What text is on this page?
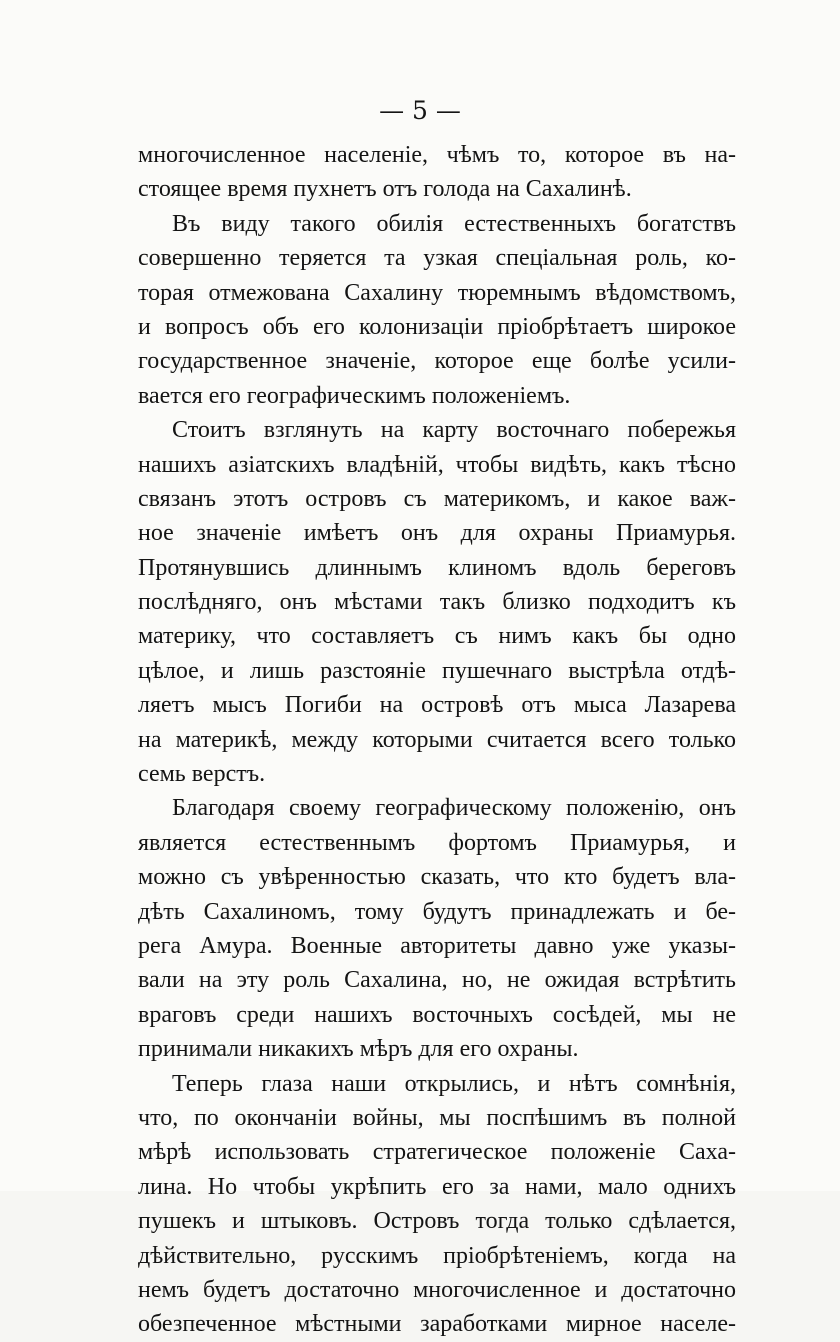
— 5 —
многочисленное населеніе, чѣмъ то, которое въ на-
стоящее время пухнетъ отъ голода на Сахалинѣ.
Въ виду такого обилія естественныхъ богатствъ
совершенно теряется та узкая спеціальная роль, ко-
торая отмежована Сахалину тюремнымъ вѣдомствомъ,
и вопросъ объ его колонизаціи пріобрѣтаетъ широкое
государственное значеніе, которое еще болѣе усили-
вается его географическимъ положеніемъ.
Стоитъ взглянуть на карту восточнаго побережья
нашихъ азіатскихъ владѣній, чтобы видѣть, какъ тѣсно
связанъ этотъ островъ съ материкомъ, и какое важ-
ное значеніе имѣетъ онъ для охраны Приамурья.
Протянувшись длиннымъ клиномъ вдоль береговъ
послѣдняго, онъ мѣстами такъ близко подходитъ къ
материку, что составляетъ съ нимъ какъ бы одно
цѣлое, и лишь разстояніе пушечнаго выстрѣла отдѣ-
ляетъ мысъ Погиби на островѣ отъ мыса Лазарева
на материкѣ, между которыми считается всего только
семь верстъ.
Благодаря своему географическому положенію, онъ
является естественнымъ фортомъ Приамурья, и
можно съ увѣренностью сказать, что кто будетъ вла-
дѣть Сахалиномъ, тому будутъ принадлежать и бе-
рега Амура. Военные авторитеты давно уже указы-
вали на эту роль Сахалина, но, не ожидая встрѣтить
враговъ среди нашихъ восточныхъ сосѣдей, мы не
принимали никакихъ мѣръ для его охраны.
Теперь глаза наши открылись, и нѣтъ сомнѣнія,
что, по окончаніи войны, мы поспѣшимъ въ полной
мѣрѣ использовать стратегическое положеніе Саха-
лина. Но чтобы укрѣпить его за нами, мало однихъ
пушекъ и штыковъ. Островъ тогда только сдѣлается,
дѣйствительно, русскимъ пріобрѣтеніемъ, когда на
немъ будетъ достаточно многочисленное и достаточно
обезпеченное мѣстными заработками мирное населе-
